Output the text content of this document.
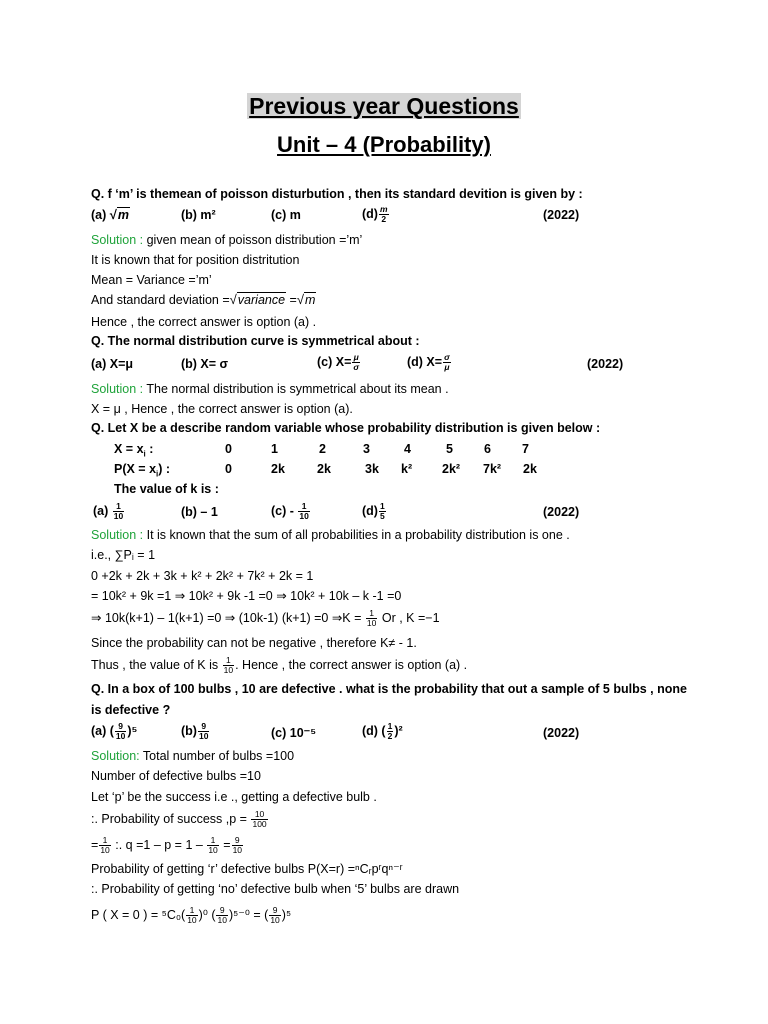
Previous year Questions
Unit – 4 (Probability)
Q. f ‘m’ is themean of poisson disturbution , then its standard devition is given by :
(a) √m	(b) m²	(c) m	$(d) \frac{m}{2}$	(2022)
Solution : given mean of poisson distribution =’m’
It is known that for position distritution
Mean = Variance =’m’
And standard deviation =√variance =√m
Hence , the correct answer is option (a) .
Q. The normal distribution curve is symmetrical about :
(a) X=μ	(b) X= σ	(c) $X= \frac{\mu}{\sigma}$	(d) $X= \frac{\sigma}{\mu}$	(2022)
Solution : The normal distribution is symmetrical about its mean .
X = μ , Hence , the correct answer is option (a).
Q. Let X be a describe random variable whose probability distribution is given below :
$X = x_i$ :	0	1	2	3	4	5 6 7
$P(X = x_i)$ :	0	2k	2k	3k k² 2k² 7k² 2k
The value of k is :
$(a) \frac{1}{10}$	(b) – 1	$(c) - \frac{1}{10}$	$(d) \frac{1}{5}$	(2022)
Solution : It is known that the sum of all probabilities in a probability distribution is one .
i.e., ∑Pᵢ = 1
0 +2k + 2k + 3k + k² + 2k² + 7k² + 2k = 1
= 10k² + 9k =1 ⇒ 10k² + 9k -1 =0 ⇒ 10k² + 10k – k -1 =0
⇒ 10k(k+1) – 1(k+1) =0 ⇒ (10k-1) (k+1) =0 ⇒K = $\frac{1}{10}$ Or , K =−1
Since the probability can not be negative , therefore K≠ - 1.
Thus , the value of K is $\frac{1}{10}$ . Hence , the correct answer is option (a) .
Q. In a box of 100 bulbs , 10 are defective . what is the probability that out a sample of 5 bulbs , none
is defective ?
(a) ( $\frac{9}{10} )^5$	$(b) \frac{9}{10}$	(c) 10⁻⁵	(d) ( $\frac{1}{2} )^2$	(2022)
Solution: Total number of bulbs =100
Number of defective bulbs =10
Let ‘p’ be the success i.e ., getting a defective bulb .
:. Probability of success $,p = \frac{10}{100}$
= $\frac{1}{10}$ :. $q =1 - p = 1 - \frac{1}{10} = \frac{9}{10}$
Probability of getting ‘r’ defective bulbs P(X=r) =ⁿCᵣpʳqⁿ⁻ʳ
:. Probability of getting ‘no’ defective bulb when ‘5’ bulbs are drawn
P ( X = 0 ) = $^5C_0( \frac{1}{10} )^0$ ( $\frac{9}{10} )^{5-0}$ = ( $\frac{9}{10} )^5$
